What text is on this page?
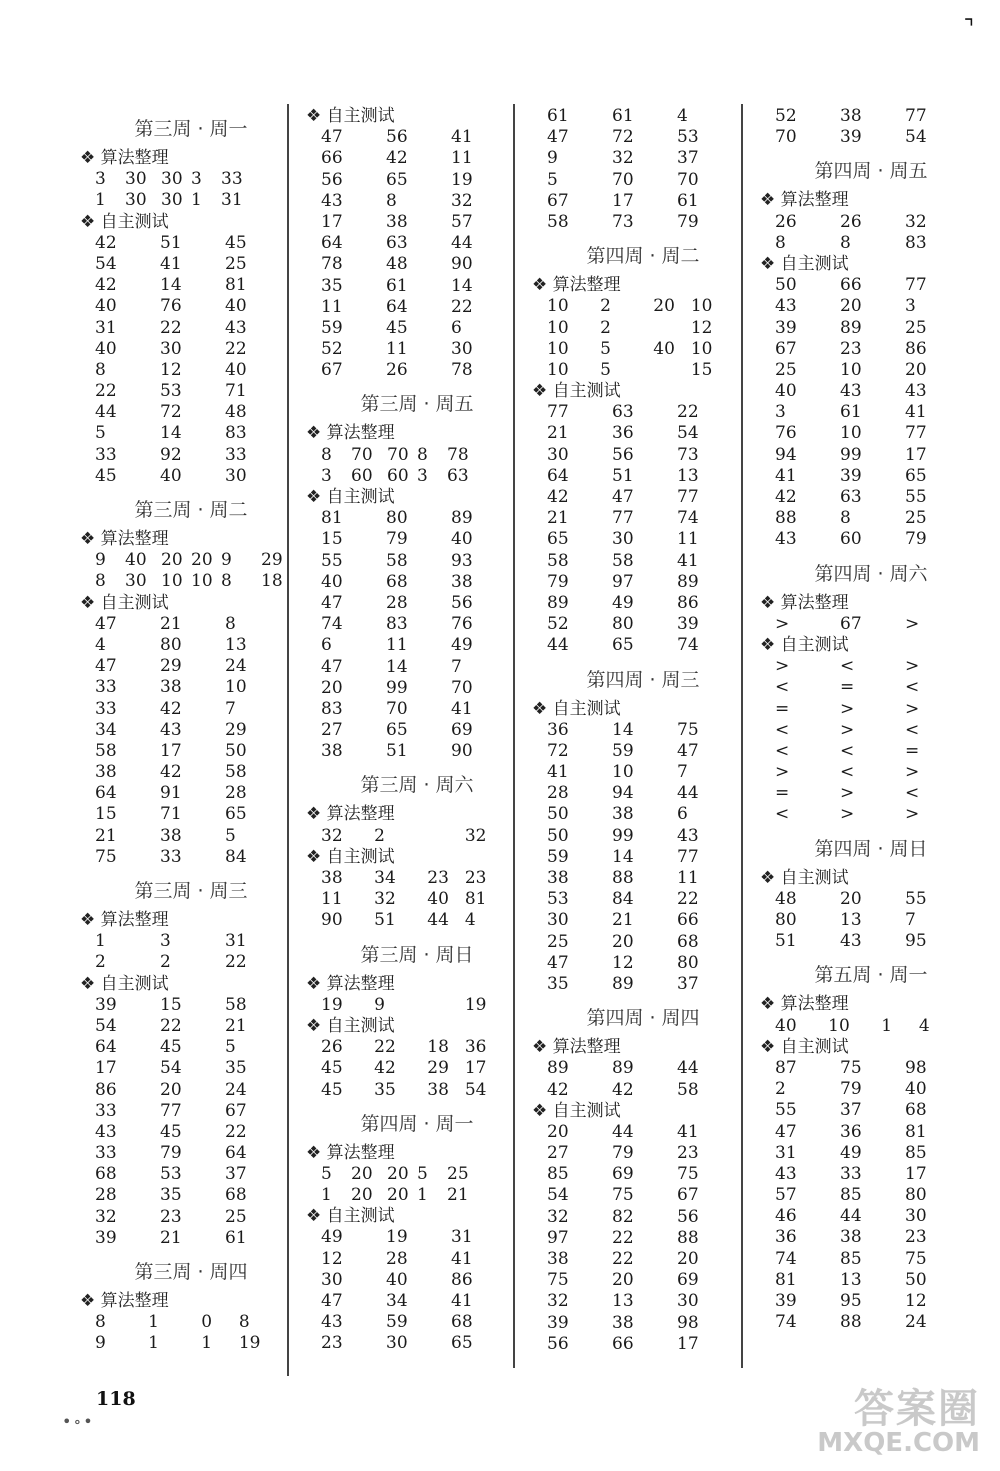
⌝
第三周 · 周一
❖ 算法整理
3	30 30 3	33
1	30 30 1	31
❖ 自主测试
42	51	45
54	41	25
42	14	81
40	76	40
31	22	43
40	30	22
8	12	40
22	53	71
44	72	48
5	14	83
33	92	33
45	40	30
第三周 · 周二
❖ 算法整理
9	40 20 20 9	29
8	30 10 10 8	18
❖ 自主测试
47	21	8
4	80	13
47	29	24
33	38	10
33	42	7
34	43	29
58	17	50
38	42	58
64	91	28
15	71	65
21	38	5
75	33	84
第三周 · 周三
❖ 算法整理
1	3	31
2	2	22
❖ 自主测试
39	15	58
54	22	21
64	45	5
17	54	35
86	20	24
33	77	67
43	45	22
33	79	64
68	53	37
28	35	68
32	23	25
39	21	61
第三周 · 周四
❖ 算法整理
8	1	0	8
9	1	1	19
❖ 自主测试
47	56	41
66	42	11
56	65	19
43	8	32
17	38	57
64	63	44
78	48	90
35	61	14
11	64	22
59	45	6
52	11	30
67	26	78
第三周 · 周五
❖ 算法整理
8	70 70 8	78
3	60 60 3	63
❖ 自主测试
81	80	89
15	79	40
55	58	93
40	68	38
47	28	56
74	83	76
6	11	49
47	14	7
20	99	70
83	70	41
27	65	69
38	51	90
第三周 · 周六
❖ 算法整理
32	2	32
❖ 自主测试
38	34	23 23
11	32	40 81
90	51	44 4
第三周 · 周日
❖ 算法整理
19	9	19
❖ 自主测试
26	22	18 36
45	42	29 17
45	35	38 54
第四周 · 周一
❖ 算法整理
5	20 20 5	25
1	20 20 1	21
❖ 自主测试
49	19	31
12	28	41
30	40	86
47	34	41
43	59	68
23	30	65
61	61	4
47	72	53
9	32	37
5	70	70
67	17	61
58	73	79
第四周 · 周二
❖ 算法整理
10	2	20 10
10	2	12
10	5	40 10
10	5	15
❖ 自主测试
77	63	22
21	36	54
30	56	73
64	51	13
42	47	77
21	77	74
65	30	11
58	58	41
79	97	89
89	49	86
52	80	39
44	65	74
第四周 · 周三
❖ 自主测试
36	14	75
72	59	47
41	10	7
28	94	44
50	38	6
50	99	43
59	14	77
38	88	11
53	84	22
30	21	66
25	20	68
47	12	80
35	89	37
第四周 · 周四
❖ 算法整理
89	89	44
42	42	58
❖ 自主测试
20	44	41
27	79	23
85	69	75
54	75	67
32	82	56
97	22	88
38	22	20
75	20	69
32	13	30
39	38	98
56	66	17
52	38	77
70	39	54
第四周 · 周五
❖ 算法整理
26	26	32
8	8	83
❖ 自主测试
50	66	77
43	20	3
39	89	25
67	23	86
25	10	20
40	43	43
3	61	41
76	10	77
94	99	17
41	39	65
42	63	55
88	8	25
43	60	79
第四周 · 周六
❖ 算法整理
>	67	>
❖ 自主测试
>	<	>
<	=	<
=	>	>
<	>	<
<	<	=
>	<	>
=	>	<
<	>	>
第四周 · 周日
❖ 自主测试
48	20	55
80	13	7
51	43	95
第五周 · 周一
❖ 算法整理
40	10	1	4
❖ 自主测试
87	75	98
2	79	40
55	37	68
47	36	81
31	49	85
43	33	17
57	85	80
46	44	30
36	38	23
74	85	75
81	13	50
39	95	12
74	88	24
118
•∘•	答案圈
MXQE.COM
